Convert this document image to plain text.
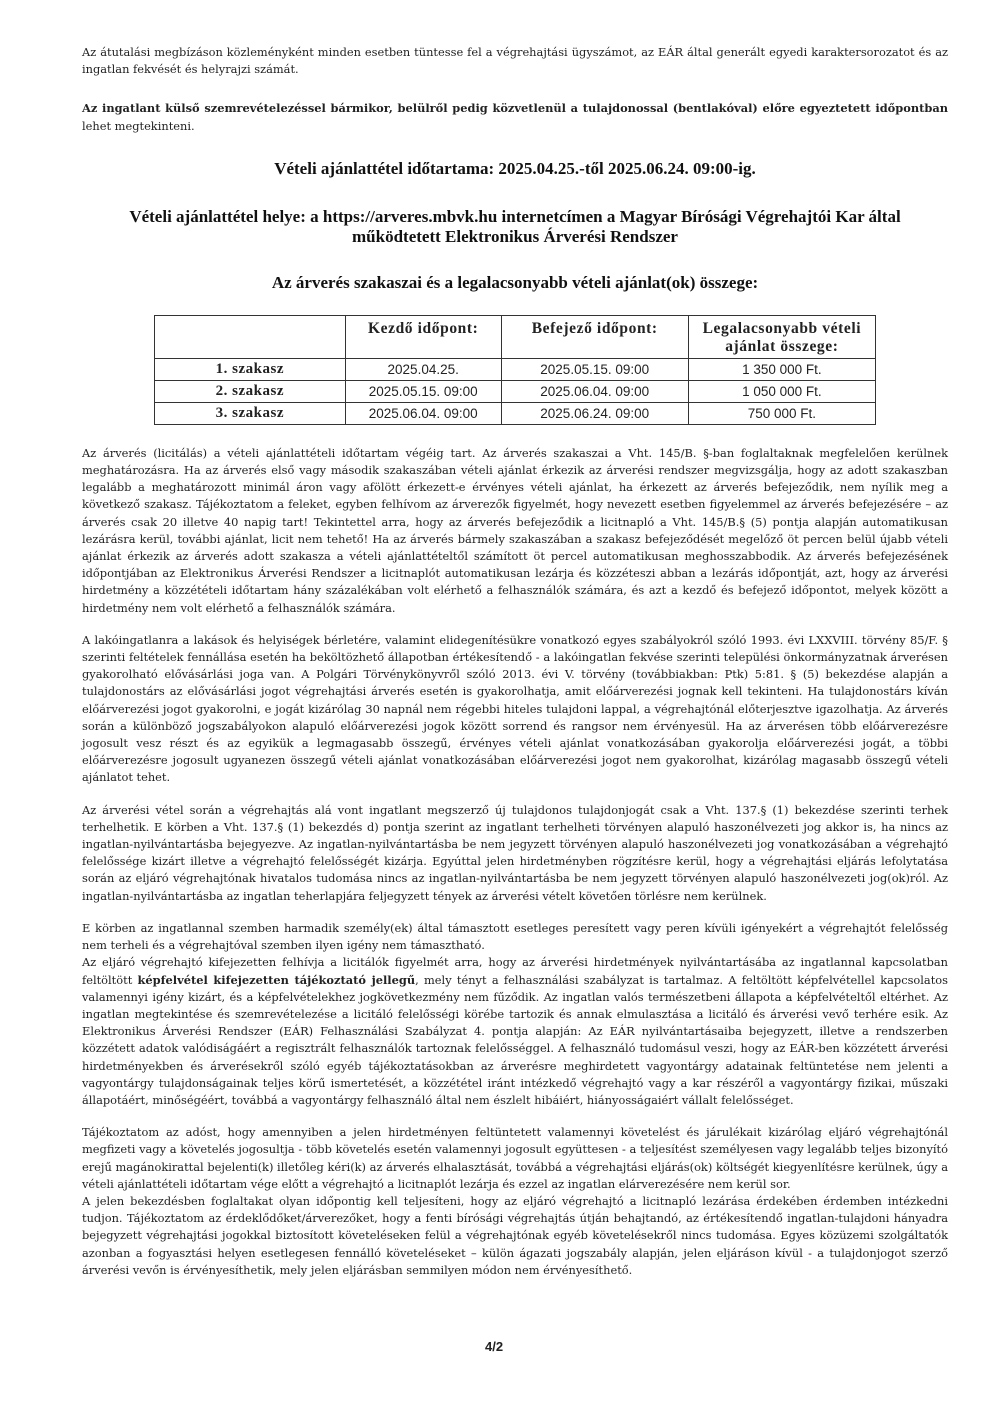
Az átutalási megbízáson közleményként minden esetben tüntesse fel a végrehajtási ügyszámot, az EÁR által generált egyedi karaktersorozatot és az ingatlan fekvését és helyrajzi számát.

Az ingatlant külső szemrevételezéssel bármikor, belülről pedig közvetlenül a tulajdonossal (bentlakóval) előre egyeztetett időpontban lehet megtekinteni.

Vételi ajánlattétel időtartama: 2025.04.25.-től 2025.06.24. 09:00-ig.

Vételi ajánlattétel helye: a https://arveres.mbvk.hu internetcímen a Magyar Bírósági Végrehajtói Kar által működtetett Elektronikus Árverési Rendszer

Az árverés szakaszai és a legalacsonyabb vételi ajánlat(ok) összege:

	Kezdő időpont:	Befejező időpont:	Legalacsonyabb vételi ajánlat összege:
1. szakasz	2025.04.25.	2025.05.15. 09:00	1 350 000 Ft.
2. szakasz	2025.05.15. 09:00	2025.06.04. 09:00	1 050 000 Ft.
3. szakasz	2025.06.04. 09:00	2025.06.24. 09:00	750 000 Ft.

Az árverés (licitálás) a vételi ajánlattételi időtartam végéig tart. Az árverés szakaszai a Vht. 145/B. §-ban foglaltaknak megfelelően kerülnek meghatározásra. Ha az árverés első vagy második szakaszában vételi ajánlat érkezik az árverési rendszer megvizsgálja, hogy az adott szakaszban legalább a meghatározott minimál áron vagy afölött érkezett-e érvényes vételi ajánlat, ha érkezett az árverés befejeződik, nem nyílik meg a következő szakasz. Tájékoztatom a feleket, egyben felhívom az árverezők figyelmét, hogy nevezett esetben figyelemmel az árverés befejezésére – az árverés csak 20 illetve 40 napig tart! Tekintettel arra, hogy az árverés befejeződik a licitnapló a Vht. 145/B.§ (5) pontja alapján automatikusan lezárásra kerül, további ajánlat, licit nem tehető! Ha az árverés bármely szakaszában a szakasz befejeződését megelőző öt percen belül újabb vételi ajánlat érkezik az árverés adott szakasza a vételi ajánlattételtől számított öt percel automatikusan meghosszabbodik. Az árverés befejezésének időpontjában az Elektronikus Árverési Rendszer a licitnaplót automatikusan lezárja és közzéteszi abban a lezárás időpontját, azt, hogy az árverési hirdetmény a közzétételi időtartam hány százalékában volt elérhető a felhasználók számára, és azt a kezdő és befejező időpontot, melyek között a hirdetmény nem volt elérhető a felhasználók számára.

A lakóingatlanra a lakások és helyiségek bérletére, valamint elidegenítésükre vonatkozó egyes szabályokról szóló 1993. évi LXXVIII. törvény 85/F. § szerinti feltételek fennállása esetén ha beköltözhető állapotban értékesítendő - a lakóingatlan fekvése szerinti települési önkormányzatnak árverésen gyakorolható elővásárlási joga van. A Polgári Törvénykönyvről szóló 2013. évi V. törvény (továbbiakban: Ptk) 5:81. § (5) bekezdése alapján a tulajdonostárs az elővásárlási jogot végrehajtási árverés esetén is gyakorolhatja, amit előárverezési jognak kell tekinteni. Ha tulajdonostárs kíván előárverezési jogot gyakorolni, e jogát kizárólag 30 napnál nem régebbi hiteles tulajdoni lappal, a végrehajtónál előterjesztve igazolhatja. Az árverés során a különböző jogszabályokon alapuló előárverezési jogok között sorrend és rangsor nem érvényesül. Ha az árverésen több előárverezésre jogosult vesz részt és az egyikük a legmagasabb összegű, érvényes vételi ajánlat vonatkozásában gyakorolja előárverezési jogát, a többi előárverezésre jogosult ugyanezen összegű vételi ajánlat vonatkozásában előárverezési jogot nem gyakorolhat, kizárólag magasabb összegű vételi ajánlatot tehet.

Az árverési vétel során a végrehajtás alá vont ingatlant megszerző új tulajdonos tulajdonjogát csak a Vht. 137.§ (1) bekezdése szerinti terhek terhelhetik. E körben a Vht. 137.§ (1) bekezdés d) pontja szerint az ingatlant terhelheti törvényen alapuló haszonélvezeti jog akkor is, ha nincs az ingatlan-nyilvántartásba bejegyezve. Az ingatlan-nyilvántartásba be nem jegyzett törvényen alapuló haszonélvezeti jog vonatkozásában a végrehajtó felelőssége kizárt illetve a végrehajtó felelősségét kizárja. Egyúttal jelen hirdetményben rögzítésre kerül, hogy a végrehajtási eljárás lefolytatása során az eljáró végrehajtónak hivatalos tudomása nincs az ingatlan-nyilvántartásba be nem jegyzett törvényen alapuló haszonélvezeti jog(ok)ról. Az ingatlan-nyilvántartásba az ingatlan teherlapjára feljegyzett tények az árverési vételt követően törlésre nem kerülnek.

E körben az ingatlannal szemben harmadik személy(ek) által támasztott esetleges peresített vagy peren kívüli igényekért a végrehajtót felelősség nem terheli és a végrehajtóval szemben ilyen igény nem támasztható.

Az eljáró végrehajtó kifejezetten felhívja a licitálók figyelmét arra, hogy az árverési hirdetmények nyilvántartásába az ingatlannal kapcsolatban feltöltött képfelvétel kifejezetten tájékoztató jellegű, mely tényt a felhasználási szabályzat is tartalmaz. A feltöltött képfelvétellel kapcsolatos valamennyi igény kizárt, és a képfelvételekhez jogkövetkezmény nem fűződik. Az ingatlan valós természetbeni állapota a képfelvételtől eltérhet. Az ingatlan megtekintése és szemrevételezése a licitáló felelősségi körébe tartozik és annak elmulasztása a licitáló és árverési vevő terhére esik. Az Elektronikus Árverési Rendszer (EÁR) Felhasználási Szabályzat 4. pontja alapján: Az EÁR nyilvántartásaiba bejegyzett, illetve a rendszerben közzétett adatok valódiságáért a regisztrált felhasználók tartoznak felelősséggel. A felhasználó tudomásul veszi, hogy az EÁR-ben közzétett árverési hirdetményekben és árverésekről szóló egyéb tájékoztatásokban az árverésre meghirdetett vagyontárgy adatainak feltüntetése nem jelenti a vagyontárgy tulajdonságainak teljes körű ismertetését, a közzététel iránt intézkedő végrehajtó vagy a kar részéről a vagyontárgy fizikai, műszaki állapotáért, minőségéért, továbbá a vagyontárgy felhasználó által nem észlelt hibáiért, hiányosságaiért vállalt felelősséget.

Tájékoztatom az adóst, hogy amennyiben a jelen hirdetményen feltüntetett valamennyi követelést és járulékait kizárólag eljáró végrehajtónál megfizeti vagy a követelés jogosultja - több követelés esetén valamennyi jogosult együttesen - a teljesítést személyesen vagy legalább teljes bizonyító erejű magánokirattal bejelenti(k) illetőleg kéri(k) az árverés elhalasztását, továbbá a végrehajtási eljárás(ok) költségét kiegyenlítésre kerülnek, úgy a vételi ajánlattételi időtartam vége előtt a végrehajtó a licitnaplót lezárja és ezzel az ingatlan elárverezésére nem kerül sor.

A jelen bekezdésben foglaltakat olyan időpontig kell teljesíteni, hogy az eljáró végrehajtó a licitnapló lezárása érdekében érdemben intézkedni tudjon. Tájékoztatom az érdeklődőket/árverezőket, hogy a fenti bírósági végrehajtás útján behajtandó, az értékesítendő ingatlan-tulajdoni hányadra bejegyzett végrehajtási jogokkal biztosított követeléseken felül a végrehajtónak egyéb követelésekről nincs tudomása. Egyes közüzemi szolgáltatók azonban a fogyasztási helyen esetlegesen fennálló követeléseket – külön ágazati jogszabály alapján, jelen eljáráson kívül - a tulajdonjogot szerző árverési vevőn is érvényesíthetik, mely jelen eljárásban semmilyen módon nem érvényesíthető.

4/2
